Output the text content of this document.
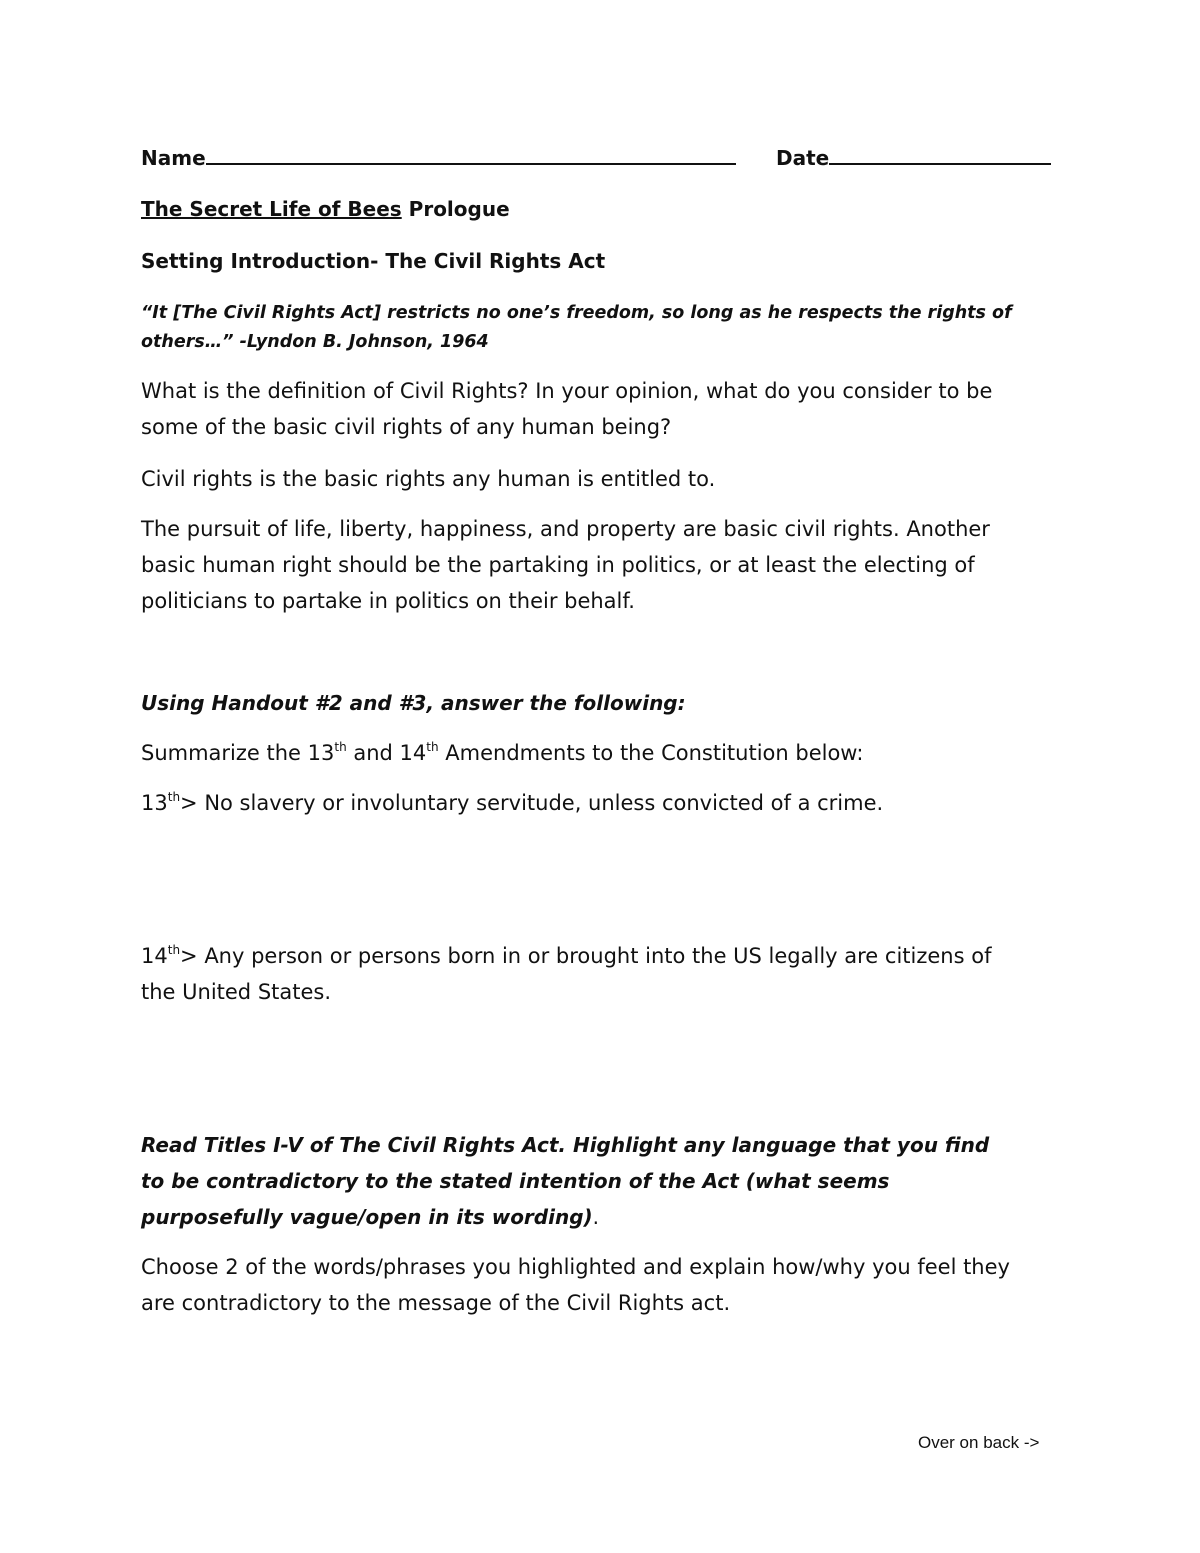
Name	Date
The Secret Life of Bees Prologue
Setting Introduction- The Civil Rights Act
“It [The Civil Rights Act] restricts no one’s freedom, so long as he respects the rights of
others…” -Lyndon B. Johnson, 1964
What is the definition of Civil Rights? In your opinion, what do you consider to be
some of the basic civil rights of any human being?
Civil rights is the basic rights any human is entitled to.
The pursuit of life, liberty, happiness, and property are basic civil rights. Another
basic human right should be the partaking in politics, or at least the electing of
politicians to partake in politics on their behalf.
Using Handout #2 and #3, answer the following:
Summarize the 13th and 14th Amendments to the Constitution below:
13th> No slavery or involuntary servitude, unless convicted of a crime.
14th> Any person or persons born in or brought into the US legally are citizens of
the United States.
Read Titles I-V of The Civil Rights Act. Highlight any language that you find
to be contradictory to the stated intention of the Act (what seems
purposefully vague/open in its wording).
Choose 2 of the words/phrases you highlighted and explain how/why you feel they
are contradictory to the message of the Civil Rights act.
Over on back ->
